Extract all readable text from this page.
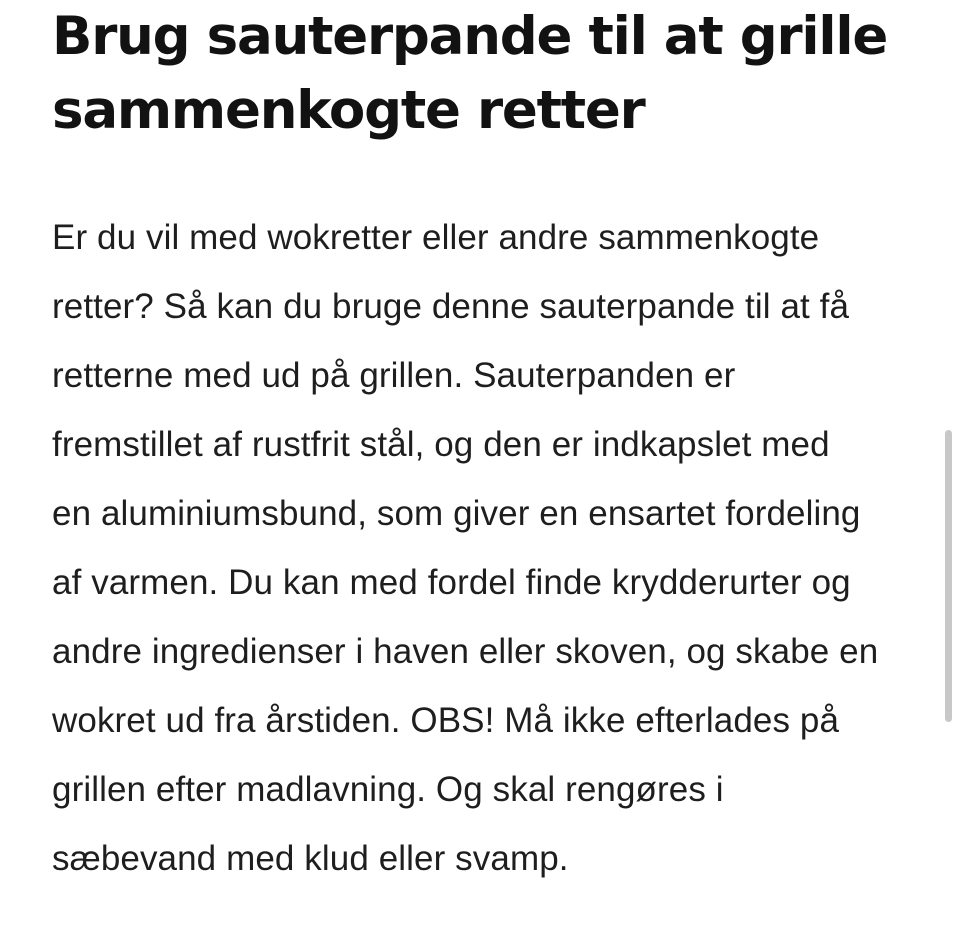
Brug sauterpande til at grille
sammenkogte retter
Er du vil med wokretter eller andre sammenkogte
retter? Så kan du bruge denne sauterpande til at få
retterne med ud på grillen. Sauterpanden er
fremstillet af rustfrit stål, og den er indkapslet med
en aluminiumsbund, som giver en ensartet fordeling
af varmen. Du kan med fordel finde krydderurter og
andre ingredienser i haven eller skoven, og skabe en
wokret ud fra årstiden. OBS! Må ikke efterlades på
grillen efter madlavning. Og skal rengøres i
sæbevand med klud eller svamp.
